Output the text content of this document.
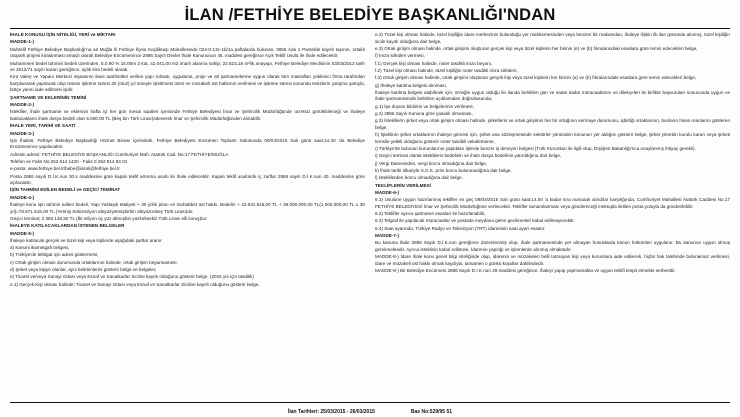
İLAN /FETHİYE BELEDİYE BAŞKANLIĞI'NDAN

İHALE KONUSU İŞİN NİTELİĞİ, YERİ ve MİKTARI

MADDE-1-)

Muhtelif Fethiye Belediye Başkanlığı'na ait Muğla İli Fethiye İlçesi Keçiliktaşı Mahallesinde 022-0-13c-1b/1a paftalarda bulunan, 3055 Ada 1 Parselde kayıtlı taşınm, ortaklı otopark projesi kiralanması amaçlı olarak Belediye Encümenince 2886 Sayılı Devlet İhale Kanununun 45. maddesi gereğince Açık Teklif Usulü ile ihale edilecektir.

Muhammen bedel tahmini bedeli üzerinden, 5.0.90 % 15.00m 2 kat, 42.041,00 m2 imarlı alanına sahip; 22.623,18 m²lik anayapı, Fethiye Belediye Meclisinin 03/03/2012 tarih ve 2012/71 sayılı kararı gereğince, aylık kira bedeli olarak.

Kira Vakrę ve Yapanı Merkezi inşaatının ilave taahhütleri verilen yapı ruhsatı, uygulama, proje ve alt şartnamelerine uygun olarak tüm masrafları yüklenici firma tarafından karşılanarak yapılacak olup tesisin işletme süresi 30 (otuz) yıl süreyle işletilmesi üzeri ve müzakeli üst hakkının verilmesi ve işletme süresi sonunda tesislerin çalışma şartıyla, bütçe yarısı iade edilmesi işidir.

ŞARTNAME VE EKLERİNİN TEMİNİ

MADDE-2-)

İstekliler, ihale şartname ve eklerinin hafta içi her gün mesai saatleri içerisinde Fethiye Belediyesi İmar ve Şehircilik Müdürlüğünde ücretsiz görülebileceği ve ihaleye katılacakların ihale dosya bedeli olan 5.000,00 TL (Beş bin Türk Lirası)ödenerek İmar ve Şehircilik Müdürlüğünden alınabilir.

İHALE YERİ, TARİHİ VE SAATİ

MADDE-3-)

İşin İhalesi; Fethiye Belediye Başkanlığı Hizmet Binası içerisinde, Fethiye Belediyesi Encümen Toplantı Salonunda 09/04/2015 Salı günü saat:14.30 'da Belediye Encümenince yapılacaktır.

Adresin adresi: FETHİYE BELEDİYE BAŞKANLIĞI Cumhuriyet Mah. Atatürk Cad. No:17 FETHİYE/MUĞLA

Telefon ve Faks No:252 614 1420 - Faks 0 252 614 83 04

e-posta: www.fethiye.bel.tr/bebe@isimli@fethiye.bel.tr

Posta 2886 sayılı D.İ.K.nun 30.s maddesine göre kapalı teklif artırıma usulü ile ihale edilecektir. Kapalı teklif usulünde iç zarflar 2886 sayılı D.İ.K.nun 40. maddesine göre açılacaktır.

İŞİN TAHMİNİ EDİLEN BEDELİ ve GEÇİCİ TEMİNAT

MADDE-4-)

İhaleye konu işin tahmin edilen bedeli, Yapı Yaklaşık Maliyeti + 30 yıllık planı ve muhabbet üst hakkı. Bedelin + 42.631.615,00 TL + 36.000.000,00 TL(1.000.000,00 TL x 30 yıl)=78.671.615,00 TL (Yetmiş Sekizmilyon altıyüzyetmişbirbin altıyüzonbeş Türk Lirası)dır.

Geçici teminat; 2.360.148,50 TL (İki milyon üç yüz altmışbin yüzkırksekiz Türk Lirası elli kuruş)tur.

İHALEYE KATILACAKLARDAN İSTENEN BELGELER

MADDE-5-)

İhaleye katılacak gerçek ve tüzel kişi veya kişilerde aşağıdaki şartlar aranır.

a) Kanuni ikametgah belgesi,

b) Türkiye'de tebligat için adres göstermesi,

c) Ortak girişim olması durumunda ortaklarının halinde; ortak girişim beyannamesi.

d) Şirket veya kişiye olanlar, ayni belirtimlerini gösterir belge ve belgeler,

e) Ticaret ve/veya Sanayi Odası veya Esnaf ve Sanatkarlar Sicilne kayıtlı olduğunu gösterir belge. (2015 yılı için tasdikli)

e.1) Gerçek Kişi olması halinde; Ticaret ve Sanayi Odası veya Esnaf ve Sanatkarlar Siciline kayıtlı olduğunu gösterir belge,

e.2) Tüzel kişi olması halinde, tüzel kişiliğin idare merkezinin bulunduğu yer mahkemesinden veya benzeri bir makamdan, ihaleye ilişkin ilk ilan gününde alınmış, tüzel kişiliğin sicile kayıtlı olduğuna dair belge,

e.3) Ortak girişim olması halinde, ortak girişimi oluşturan gerçek kişi veya tüzel kişilerin her birinin (e) ve (b) fıkralarındaki esaslara göre temin edecekleri belge,

f) İmza sirküleri vermesi,

f.1) Gerçek kişi olması halinde, noter tasdikli imza beyanı,

f.2) Tüzel kişi olması halinde, tüzel kişiliğin noter tasdikli imza sirküleri,

f.3) Ortak girişim olması halinde, ortak girişimi oluşturan gerçek kişi veya tüzel kişilerin her birinin (a) ve (b) fıkralarındaki esaslara göre temin edecekleri belge,

g) İhaleye katılma belgesi alınması,

İhaleye katılma belgesi alabilmek için; örneğin uygun olduğu ile ilanda belirtilen gün ve saate kadar müracaatlarını ve dilekçeleri ile birlikte başvuruları sonucunda uygun ve ihale şartnamesinde belirtilen açıklamaları doğrultusunda;

g.1) İşe duyum bildirimi ve belgelerinin verilmesi,

g.2) 2886 Sayılı Kanuna göre yasaklı olmaması,

g.3) İsteklilerin şirket veya ortak girişim olması halinde, şirketlerin ve ortak girişimin her bir ortağının sermaye durumunu, işbirliği ortaklarının, bunların hisse oranlarını gösteren belge,

h) İşteklinin şirket ortaklarının ihaleye girmesi için, şirket ana sözleşmesinde sektörler yönünden konunun yer aldığını gösterir belge, şirket yönetim kurulu kararı veya şirketi temsile yetkili olduğunu gösterir noter tasdikli vekaletname,

ı) Türkiye'de bulunan kurumlarının yaptıkları işlerde benzer iş deneyim belgesi (Türk Kurumları ile ilgili olup, Dışişleri Bakanlığı'nca onaylanmış ihtiyaç gerekli).

i) Geçici teminat olarak isteklilerin bedelinin ve ihale dosya bedelinin yatırıldığına dair belge,

j) Vergi Dairesinden, vergi borcu olmadığına dair belge,

k) İhale tarihi itibariyle S.G.K. prim borcu bulunmadığına dair belge,

l) İsteklilerden borcu olmadığına dair belge.

TEKLİFLERİN VERİLMESİ

MADDE-6-)

6.1) Usulüne uygun hazırlanmış teklifler en geç 09/04/2015 Salı günü saat:14.00 'a kadar sıra numaralı alındılar karşılığında, Cumhuriyet Mahallesi Atatürk Caddesi No:17 FETHİYE BELEDİYESİ İmar ve Şehircilik Müdürlüğüne verilecektir. Teklifler tamamlanması veya göndereceği mektupla iletilen posta yoluyla da gönderilebilir.

6.2) Teklifler ayrıca şartname esasları ile hazırlanabilir,

6.3) Telgraf ile yapılacak müracaatlar ve postada meydana gelen gecikmeleri kabul edilmeyecektir.

6.4) Saat ayarında, Türkiye Radyo ve Televizyon (TRT) idaresinin saat ayarı esastır.

MADDE-7-)

Bu kanuna ihale 2886 Sayılı D.İ.K.nun gereğince düzenlenmiş olup, ihale şartnamesinde yer almayan hususlarda kanun hükümleri uygulanır. Bu kanunun uygun olmuş gerekmektedir. Ayrıca isteklinin kabul edilmesi, İdarenin yapılığı ve işlemlerde alınmış olmaktadır.

MADDE-8-) İdare ihale konu genel bilgi niteliğinde olup, idarenin ve müzakeleri belli tutmayan kişi veya kurumlara iade edilecek, hiçbir hak talebinde bulunamaz verilmesi, idare ve müzakeli üst hakkı olmak kaydıyla, tamamen o günkü koşullar dahilindedir.

MADDE-9-) Bir Belediye Encümeni 2886 Sayılı D.İ.K.nun 29.maddesi gereğince, ihaleyi yapıp yapmamakta ve uygun teklifi tespit etmekte serbesttir.

İlan Tarihleri: 25/03/2015 - 26/03/2015	Bas No:529/95 51
